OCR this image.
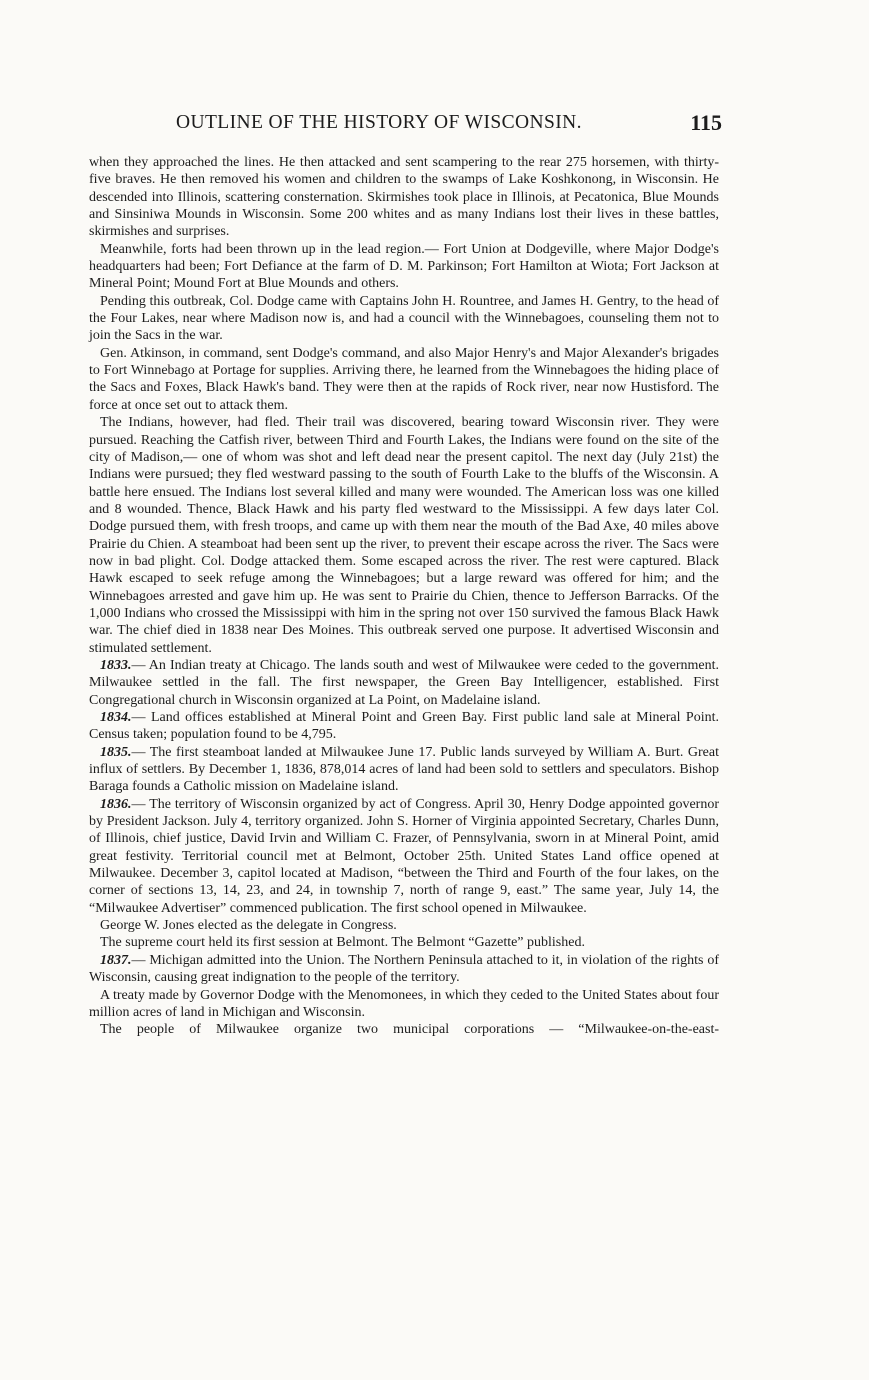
OUTLINE OF THE HISTORY OF WISCONSIN.	115

when they approached the lines. He then attacked and sent scampering to the rear 275 horsemen, with thirty-five braves. He then removed his women and children to the swamps of Lake Koshkonong, in Wisconsin. He descended into Illinois, scattering consternation. Skirmishes took place in Illinois, at Pecatonica, Blue Mounds and Sinsiniwa Mounds in Wisconsin. Some 200 whites and as many Indians lost their lives in these battles, skirmishes and surprises.

Meanwhile, forts had been thrown up in the lead region.— Fort Union at Dodgeville, where Major Dodge's headquarters had been; Fort Defiance at the farm of D. M. Parkinson; Fort Hamilton at Wiota; Fort Jackson at Mineral Point; Mound Fort at Blue Mounds and others.

Pending this outbreak, Col. Dodge came with Captains John H. Rountree, and James H. Gentry, to the head of the Four Lakes, near where Madison now is, and had a council with the Winnebagoes, counseling them not to join the Sacs in the war.

Gen. Atkinson, in command, sent Dodge's command, and also Major Henry's and Major Alexander's brigades to Fort Winnebago at Portage for supplies. Arriving there, he learned from the Winnebagoes the hiding place of the Sacs and Foxes, Black Hawk's band. They were then at the rapids of Rock river, near now Hustisford. The force at once set out to attack them.

The Indians, however, had fled. Their trail was discovered, bearing toward Wisconsin river. They were pursued. Reaching the Catfish river, between Third and Fourth Lakes, the Indians were found on the site of the city of Madison,— one of whom was shot and left dead near the present capitol. The next day (July 21st) the Indians were pursued; they fled westward passing to the south of Fourth Lake to the bluffs of the Wisconsin. A battle here ensued. The Indians lost several killed and many were wounded. The American loss was one killed and 8 wounded. Thence, Black Hawk and his party fled westward to the Mississippi. A few days later Col. Dodge pursued them, with fresh troops, and came up with them near the mouth of the Bad Axe, 40 miles above Prairie du Chien. A steamboat had been sent up the river, to prevent their escape across the river. The Sacs were now in bad plight. Col. Dodge attacked them. Some escaped across the river. The rest were captured. Black Hawk escaped to seek refuge among the Winnebagoes; but a large reward was offered for him; and the Winnebagoes arrested and gave him up. He was sent to Prairie du Chien, thence to Jefferson Barracks. Of the 1,000 Indians who crossed the Mississippi with him in the spring not over 150 survived the famous Black Hawk war. The chief died in 1838 near Des Moines. This outbreak served one purpose. It advertised Wisconsin and stimulated settlement.

1833.— An Indian treaty at Chicago. The lands south and west of Milwaukee were ceded to the government. Milwaukee settled in the fall. The first newspaper, the Green Bay Intelligencer, established. First Congregational church in Wisconsin organized at La Point, on Madelaine island.

1834.— Land offices established at Mineral Point and Green Bay. First public land sale at Mineral Point. Census taken; population found to be 4,795.

1835.— The first steamboat landed at Milwaukee June 17. Public lands surveyed by William A. Burt. Great influx of settlers. By December 1, 1836, 878,014 acres of land had been sold to settlers and speculators. Bishop Baraga founds a Catholic mission on Madelaine island.

1836.— The territory of Wisconsin organized by act of Congress. April 30, Henry Dodge appointed governor by President Jackson. July 4, territory organized. John S. Horner of Virginia appointed Secretary, Charles Dunn, of Illinois, chief justice, David Irvin and William C. Frazer, of Pennsylvania, sworn in at Mineral Point, amid great festivity. Territorial council met at Belmont, October 25th. United States Land office opened at Milwaukee. December 3, capitol located at Madison, “between the Third and Fourth of the four lakes, on the corner of sections 13, 14, 23, and 24, in township 7, north of range 9, east.” The same year, July 14, the “Milwaukee Advertiser” commenced publication. The first school opened in Milwaukee.

George W. Jones elected as the delegate in Congress.

The supreme court held its first session at Belmont. The Belmont “Gazette” published.

1837.— Michigan admitted into the Union. The Northern Peninsula attached to it, in violation of the rights of Wisconsin, causing great indignation to the people of the territory.

A treaty made by Governor Dodge with the Menomonees, in which they ceded to the United States about four million acres of land in Michigan and Wisconsin.

The people of Milwaukee organize two municipal corporations — “Milwaukee-on-the-east-
